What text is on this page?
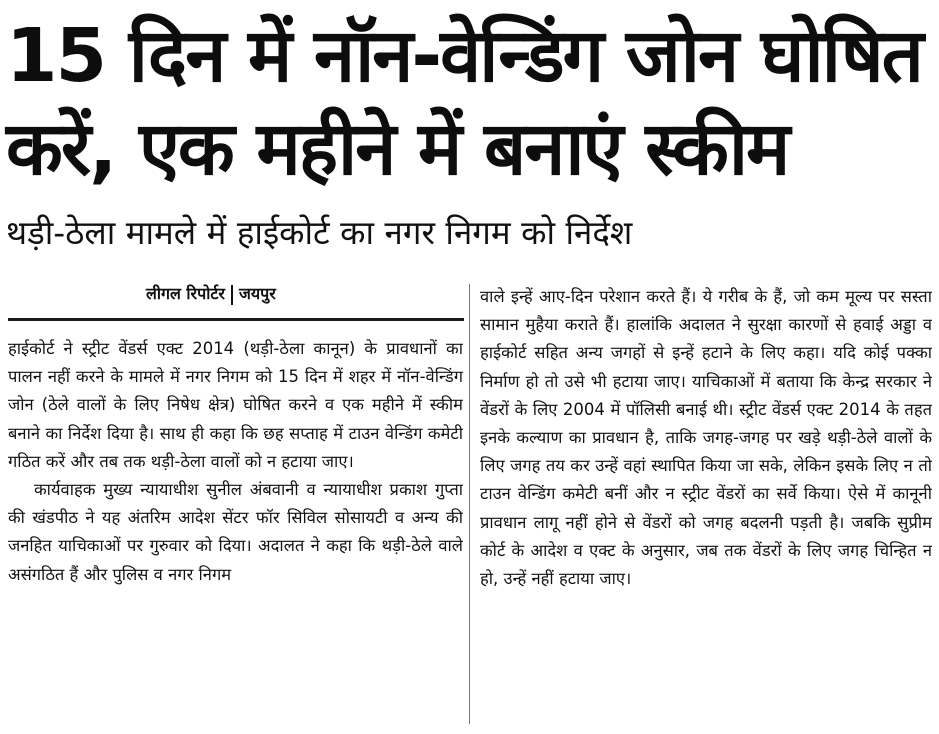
15 दिन में नॉन-वेन्डिंग जोन घोषित
करें, एक महीने में बनाएं स्कीम
थड़ी-ठेला मामले में हाईकोर्ट का नगर निगम को निर्देश
लीगल रिपोर्टर जयपुर

हाईकोर्ट ने स्ट्रीट वेंडर्स एक्ट 2014 (थड़ी-ठेला कानून) के प्रावधानों का पालन नहीं करने के मामले में नगर निगम को 15 दिन में शहर में नॉन-वेन्डिंग जोन (ठेले वालों के लिए निषेध क्षेत्र) घोषित करने व एक महीने में स्कीम बनाने का निर्देश दिया है। साथ ही कहा कि छह सप्ताह में टाउन वेन्डिंग कमेटी गठित करें और तब तक थड़ी-ठेला वालों को न हटाया जाए।

कार्यवाहक मुख्य न्यायाधीश सुनील अंबवानी व न्यायाधीश प्रकाश गुप्ता की खंडपीठ ने यह अंतरिम आदेश सेंटर फॉर सिविल सोसायटी व अन्य की जनहित याचिकाओं पर गुरुवार को दिया। अदालत ने कहा कि थड़ी-ठेले वाले असंगठित हैं और पुलिस व नगर निगम

वाले इन्हें आए-दिन परेशान करते हैं। ये गरीब के हैं, जो कम मूल्य पर सस्ता सामान मुहैया कराते हैं। हालांकि अदालत ने सुरक्षा कारणों से हवाई अड्डा व हाईकोर्ट सहित अन्य जगहों से इन्हें हटाने के लिए कहा। यदि कोई पक्का निर्माण हो तो उसे भी हटाया जाए। याचिकाओं में बताया कि केन्द्र सरकार ने वेंडरों के लिए 2004 में पॉलिसी बनाई थी। स्ट्रीट वेंडर्स एक्ट 2014 के तहत इनके कल्याण का प्रावधान है, ताकि जगह-जगह पर खड़े थड़ी-ठेले वालों के लिए जगह तय कर उन्हें वहां स्थापित किया जा सके, लेकिन इसके लिए न तो टाउन वेन्डिंग कमेटी बनीं और न स्ट्रीट वेंडरों का सर्वे किया। ऐसे में कानूनी प्रावधान लागू नहीं होने से वेंडरों को जगह बदलनी पड़ती है। जबकि सुप्रीम कोर्ट के आदेश व एक्ट के अनुसार, जब तक वेंडरों के लिए जगह चिन्हित न हो, उन्हें नहीं हटाया जाए।
